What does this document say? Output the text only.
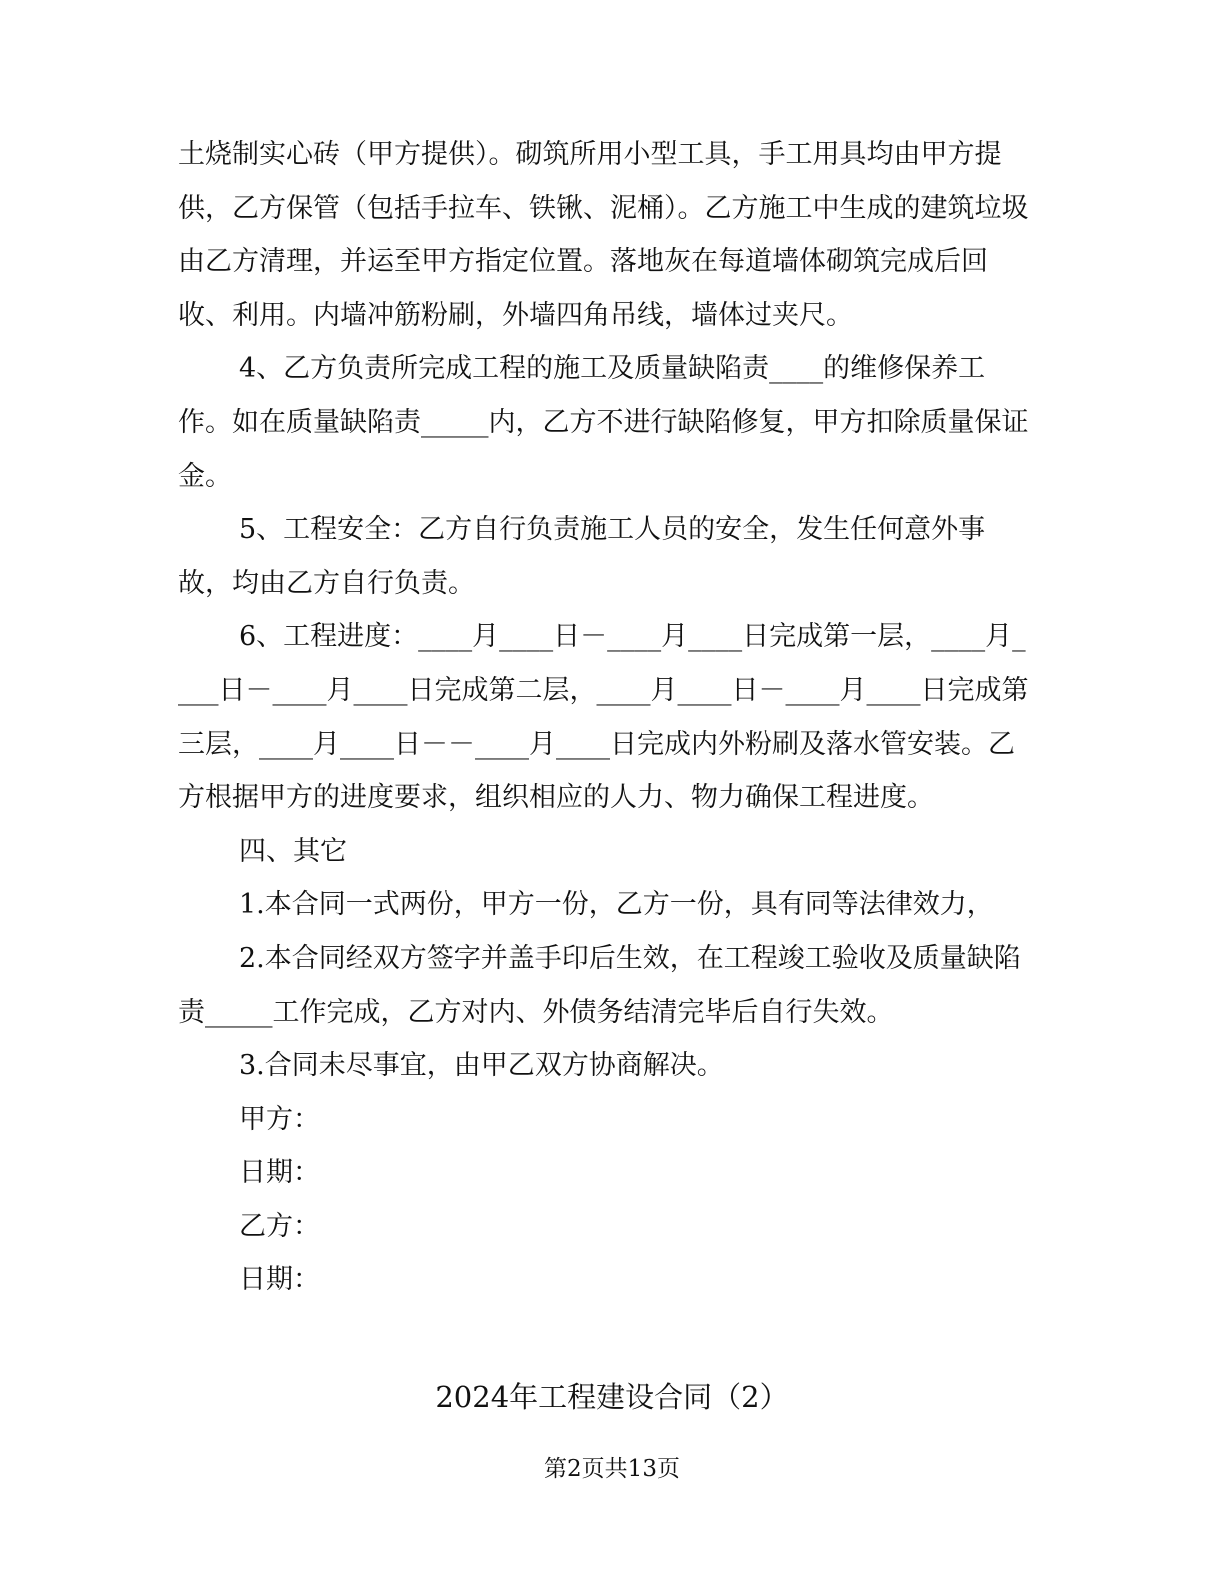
土烧制实心砖（甲方提供）。砌筑所用小型工具，手工用具均由甲方提供，乙方保管（包括手拉车、铁锹、泥桶）。乙方施工中生成的建筑垃圾由乙方清理，并运至甲方指定位置。落地灰在每道墙体砌筑完成后回收、利用。内墙冲筋粉刷，外墙四角吊线，墙体过夹尺。

4、乙方负责所完成工程的施工及质量缺陷责____的维修保养工作。如在质量缺陷责_____内，乙方不进行缺陷修复，甲方扣除质量保证金。

5、工程安全：乙方自行负责施工人员的安全，发生任何意外事故，均由乙方自行负责。

6、工程进度：____月____日－____月____日完成第一层，____月____日－____月____日完成第二层，____月____日－____月____日完成第三层，____月____日－－____月____日完成内外粉刷及落水管安装。乙方根据甲方的进度要求，组织相应的人力、物力确保工程进度。

四、其它

1.本合同一式两份，甲方一份，乙方一份，具有同等法律效力，

2.本合同经双方签字并盖手印后生效，在工程竣工验收及质量缺陷责_____工作完成，乙方对内、外债务结清完毕后自行失效。

3.合同未尽事宜，由甲乙双方协商解决。

甲方：

日期：

乙方：

日期：

2024年工程建设合同（2）

第2页共13页
